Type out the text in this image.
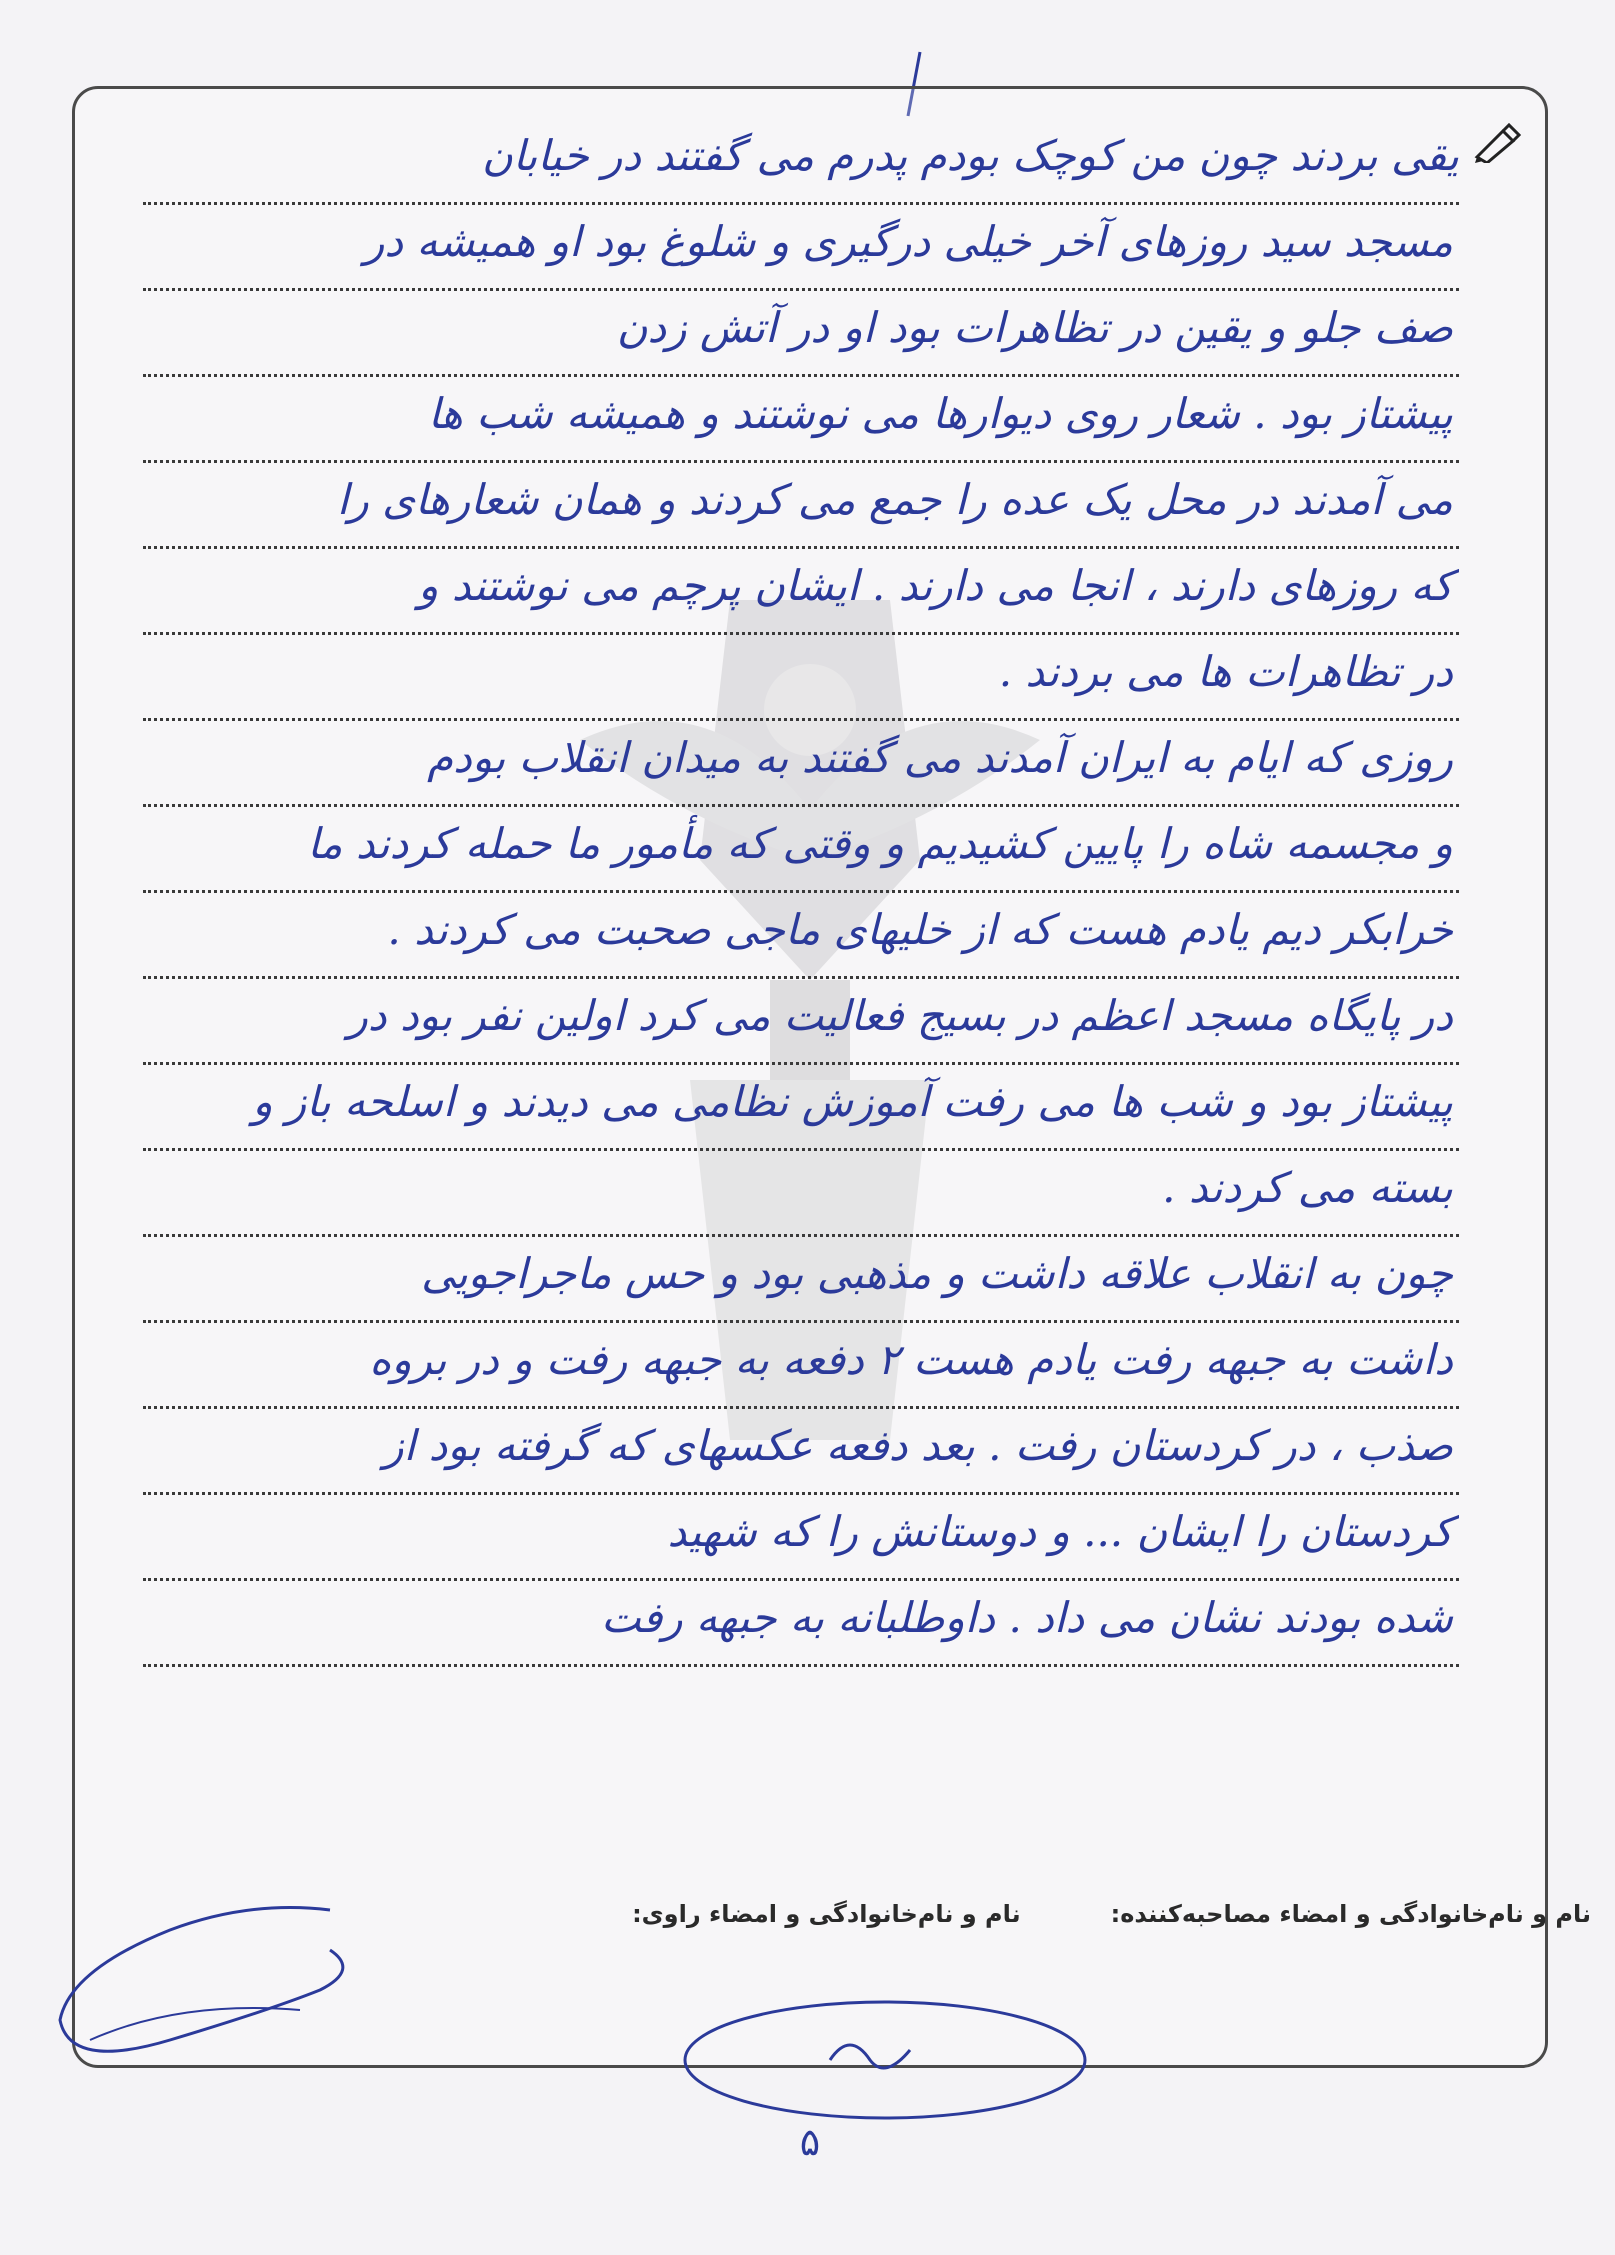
یقی بردند چون من کوچک بودم پدرم می گفتند در خیابان
مسجد سید روزهای آخر خیلی درگیری و شلوغ بود او همیشه در
صف جلو و یقین در تظاهرات بود او در آتش زدن
پیشتاز بود . شعار روی دیوارها می نوشتند و همیشه شب ها
می آمدند در محل یک عده را جمع می کردند و همان شعارهای را
که روزهای دارند ، انجا می دارند . ایشان پرچم می نوشتند و
در تظاهرات ها می بردند .
روزی که ایام به ایران آمدند می گفتند به میدان انقلاب بودم
و مجسمه شاه را پایین کشیدیم و وقتی که مأمور ما حمله کردند ما
خرابکر دیم یادم هست که از خلیهای ماجی صحبت می کردند .
در پایگاه مسجد اعظم در بسیج فعالیت می کرد اولین نفر بود در
پیشتاز بود و شب ها می رفت آموزش نظامی می دیدند و اسلحه باز و
بسته می کردند .
چون به انقلاب علاقه داشت و مذهبی بود و حس ماجراجویی
داشت به جبهه رفت یادم هست ۲ دفعه به جبهه رفت و در بروه
صذب ، در کردستان رفت . بعد دفعه عکسهای که گرفته بود از
کردستان را ایشان ... و دوستانش را که شهید
شده بودند نشان می داد . داوطلبانه به جبهه رفت
نام و نام‌خانوادگی و امضاء مصاحبه‌کننده:
نام و نام‌خانوادگی و امضاء راوی:
۵
